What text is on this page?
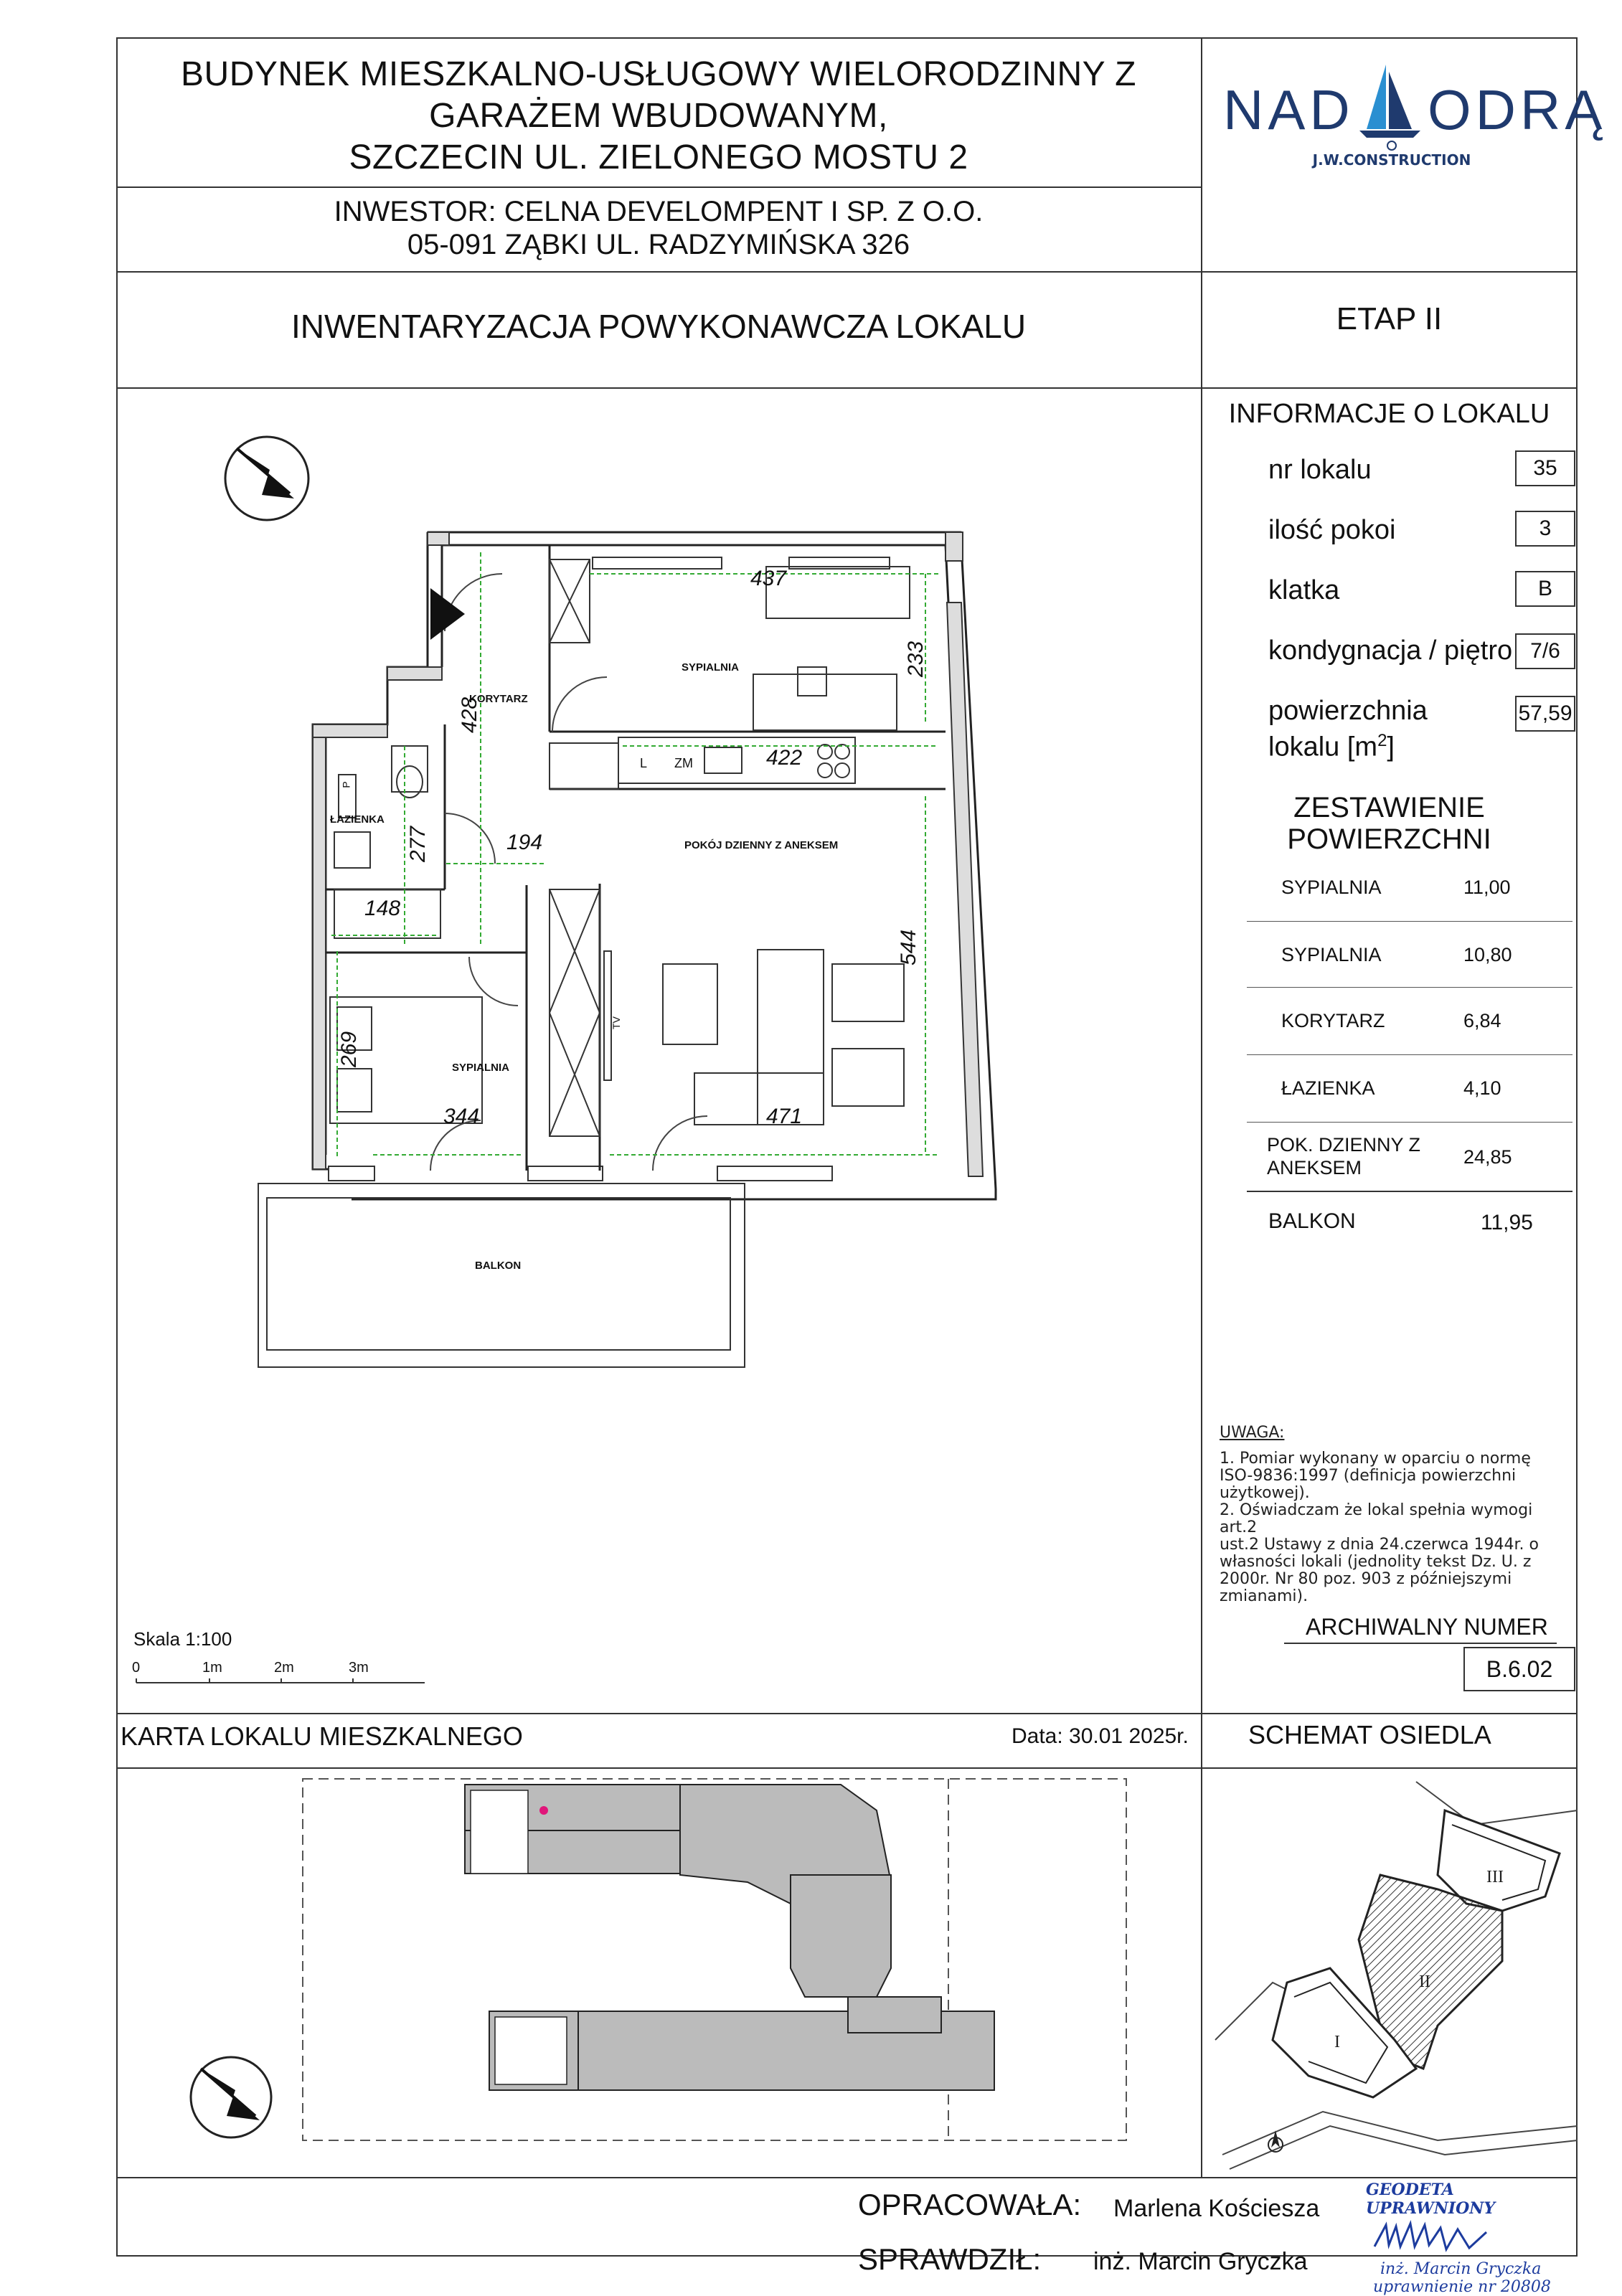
BUDYNEK MIESZKALNO-USŁUGOWY WIELORODZINNY Z
GARAŻEM WBUDOWANYM,
SZCZECIN UL. ZIELONEGO MOSTU 2
INWESTOR: CELNA DEVELOMPENT I SP. Z O.O.
05-091 ZĄBKI UL. RADZYMIŃSKA 326
INWENTARYZACJA POWYKONAWCZA LOKALU	ETAP II
NAD ODRĄ
J.W.CONSTRUCTION
INFORMACJE O LOKALU
nr lokalu	35
ilość pokoi	3
klatka	B
kondygnacja / piętro 7/6
powierzchnia
lokalu $[m^2]$
57,59
ZESTAWIENIE
POWIERZCHNI
SYPIALNIA	11,00
SYPIALNIA	10,80
KORYTARZ	6,84
ŁAZIENKA	4,10
POK. DZIENNY Z
ANEKSEM	24,85
BALKON	11,95
UWAGA:
1. Pomiar wykonany w oparciu o normę
ISO-9836:1997 (definicja powierzchni
użytkowej).
2. Oświadczam że lokal spełnia wymogi art.2
ust.2 Ustawy z dnia 24.czerwca 1944r. o
własności lokali (jednolity tekst Dz. U. z
2000r. Nr 80 poz. 903 z późniejszymi
zmianami).
ARCHIWALNY NUMER
B.6.02
SYPIALNIA
KORYTARZ
ŁAZIENKA
POKÓJ DZIENNY Z ANEKSEM
SYPIALNIA
BALKON
L ZM
TV
P
437
233
428
422
194
277
148
544
269
344	471
Skala 1:100
0	1m	2m	3m
KARTA LOKALU MIESZKALNEGO	Data: 30.01 2025r. SCHEMAT OSIEDLA
III
II
I
OPRACOWAŁA: Marlena Kościesza
SPRAWDZIŁ: inż. Marcin Gryczka
GEODETA UPRAWNIONY
inż. Marcin Gryczka
uprawnienie nr 20808
